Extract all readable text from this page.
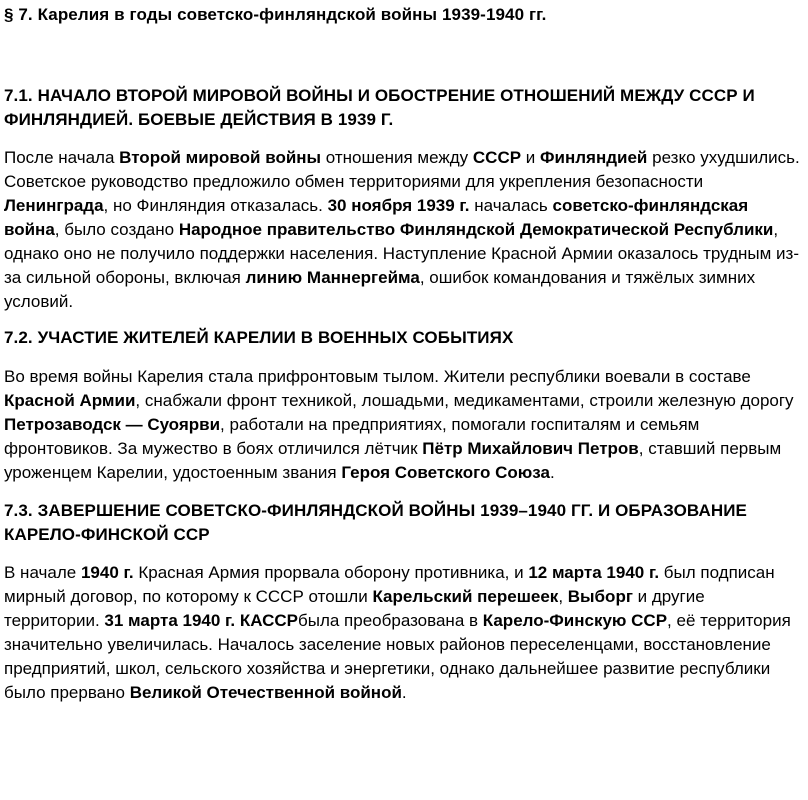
§ 7. Карелия в годы советско-финляндской войны 1939-1940 гг.
7.1. НАЧАЛО ВТОРОЙ МИРОВОЙ ВОЙНЫ И ОБОСТРЕНИЕ ОТНОШЕНИЙ МЕЖДУ СССР И ФИНЛЯНДИЕЙ. БОЕВЫЕ ДЕЙСТВИЯ В 1939 Г.

После начала Второй мировой войны отношения между СССР и Финляндией резко ухудшились. Советское руководство предложило обмен территориями для укрепления безопасности Ленинграда, но Финляндия отказалась. 30 ноября 1939 г. началась советско-финляндская война, было создано Народное правительство Финляндской Демократической Республики, однако оно не получило поддержки населения. Наступление Красной Армии оказалось трудным из-за сильной обороны, включая линию Маннергейма, ошибок командования и тяжёлых зимних условий.

7.2. УЧАСТИЕ ЖИТЕЛЕЙ КАРЕЛИИ В ВОЕННЫХ СОБЫТИЯХ

Во время войны Карелия стала прифронтовым тылом. Жители республики воевали в составе Красной Армии, снабжали фронт техникой, лошадьми, медикаментами, строили железную дорогу Петрозаводск — Суоярви, работали на предприятиях, помогали госпиталям и семьям фронтовиков. За мужество в боях отличился лётчик Пётр Михайлович Петров, ставший первым уроженцем Карелии, удостоенным звания Героя Советского Союза.

7.3. ЗАВЕРШЕНИЕ СОВЕТСКО-ФИНЛЯНДСКОЙ ВОЙНЫ 1939–1940 ГГ. И ОБРАЗОВАНИЕ КАРЕЛО-ФИНСКОЙ ССР

В начале 1940 г. Красная Армия прорвала оборону противника, и 12 марта 1940 г. был подписан мирный договор, по которому к СССР отошли Карельский перешеек, Выборг и другие территории. 31 марта 1940 г. КАССРбыла преобразована в Карело-Финскую ССР, её территория значительно увеличилась. Началось заселение новых районов переселенцами, восстановление предприятий, школ, сельского хозяйства и энергетики, однако дальнейшее развитие республики было прервано Великой Отечественной войной.
